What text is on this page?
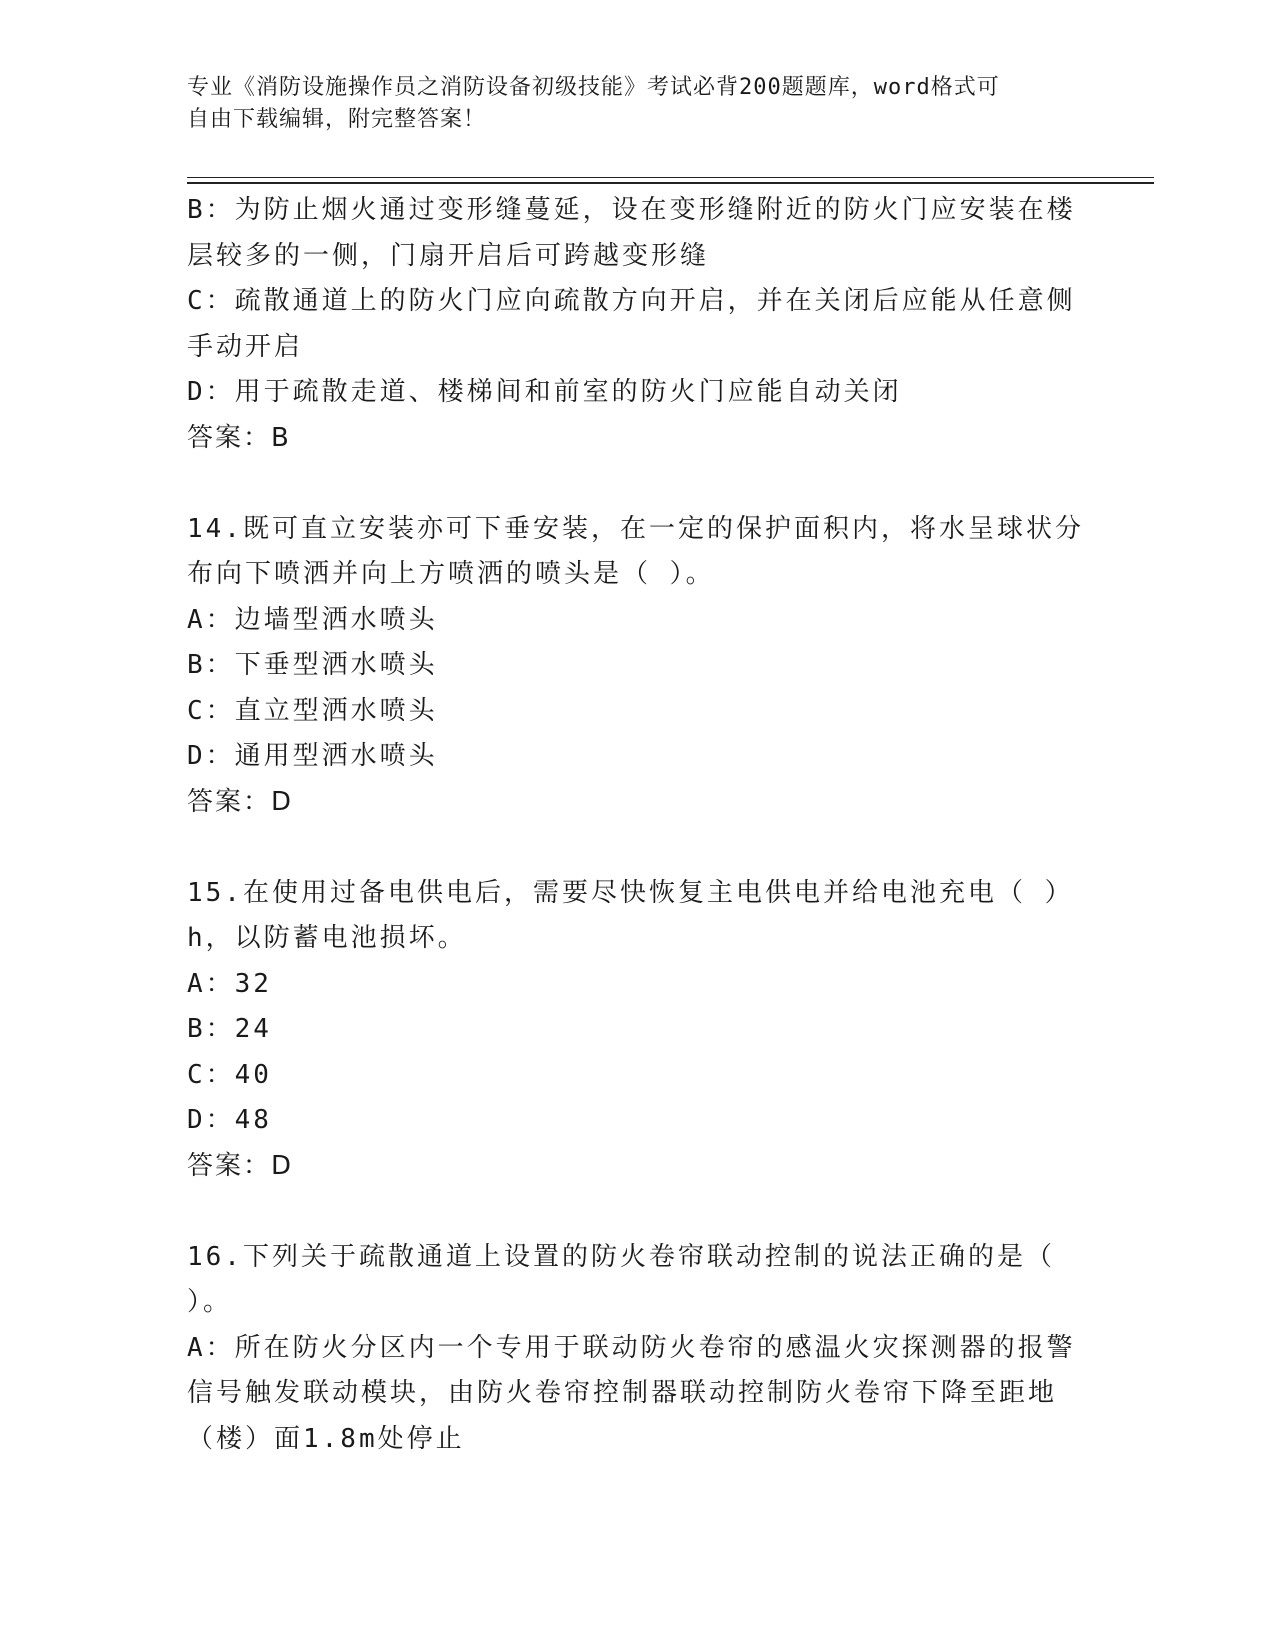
专业《消防设施操作员之消防设备初级技能》考试必背200题题库，word格式可
自由下载编辑，附完整答案！
B：为防止烟火通过变形缝蔓延，设在变形缝附近的防火门应安装在楼
层较多的一侧，门扇开启后可跨越变形缝
C：疏散通道上的防火门应向疏散方向开启，并在关闭后应能从任意侧
手动开启
D：用于疏散走道、楼梯间和前室的防火门应能自动关闭
答案：B
14.既可直立安装亦可下垂安装，在一定的保护面积内，将水呈球状分
布向下喷洒并向上方喷洒的喷头是（ ）。
A：边墙型洒水喷头
B：下垂型洒水喷头
C：直立型洒水喷头
D：通用型洒水喷头
答案：D
15.在使用过备电供电后，需要尽快恢复主电供电并给电池充电（ ）
h，以防蓄电池损坏。
A：32
B：24
C：40
D：48
答案：D
16.下列关于疏散通道上设置的防火卷帘联动控制的说法正确的是（
）。
A：所在防火分区内一个专用于联动防火卷帘的感温火灾探测器的报警
信号触发联动模块，由防火卷帘控制器联动控制防火卷帘下降至距地
（楼）面1.8m处停止
